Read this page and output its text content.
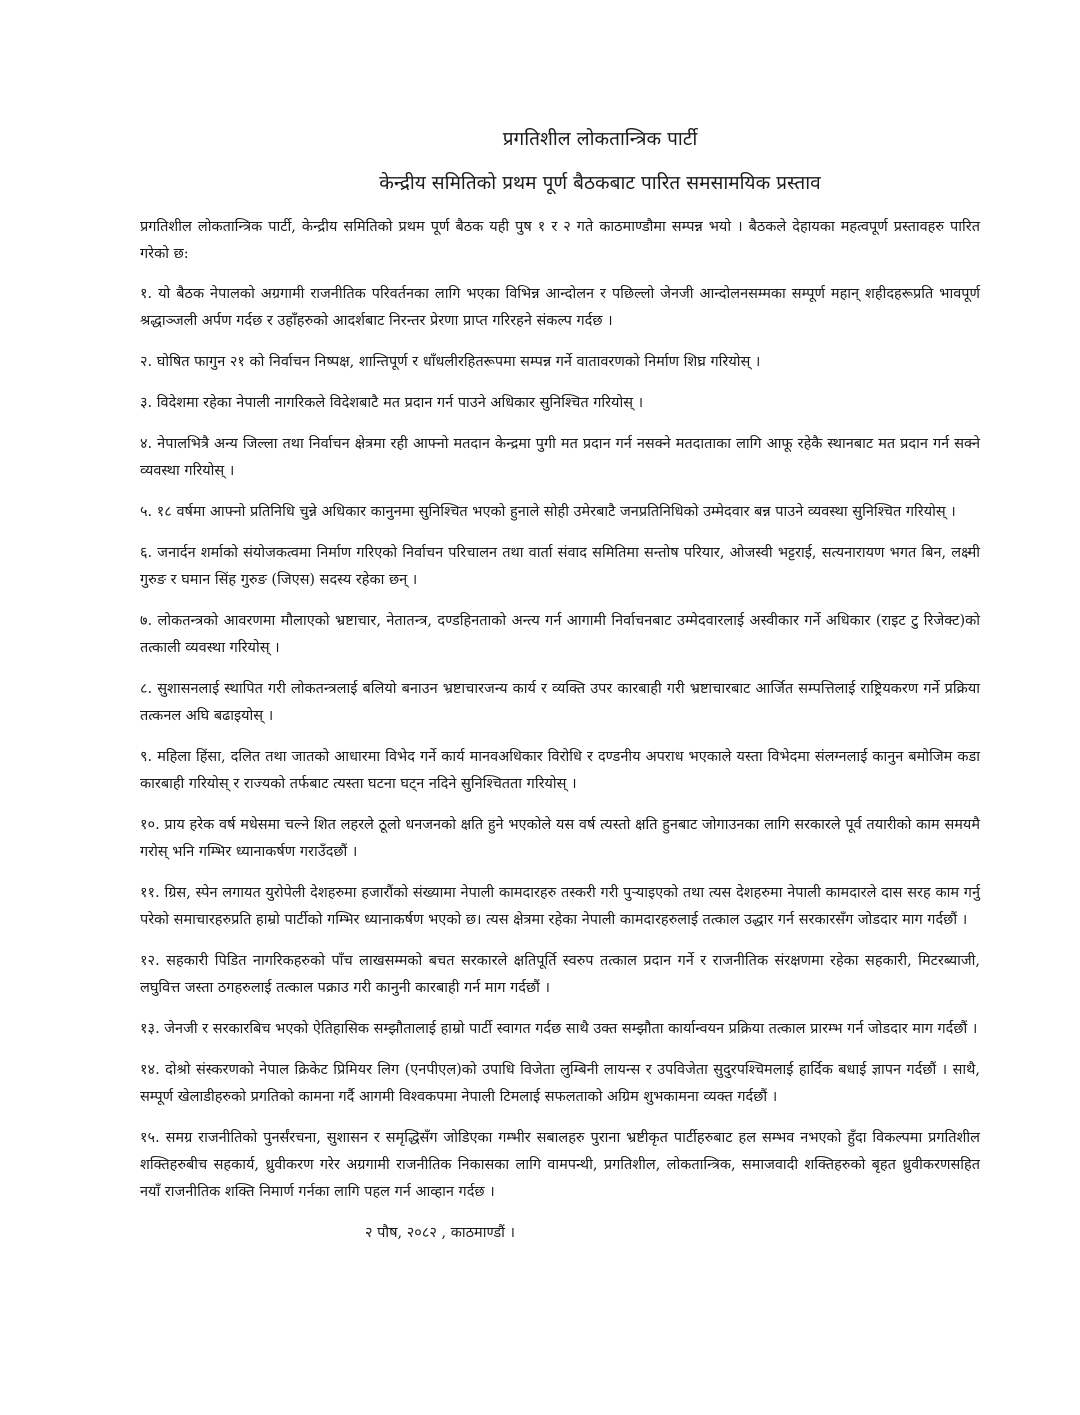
प्रगतिशील लोकतान्त्रिक पार्टी
केन्द्रीय समितिको प्रथम पूर्ण बैठकबाट पारित समसामयिक प्रस्ताव

प्रगतिशील लोकतान्त्रिक पार्टी, केन्द्रीय समितिको प्रथम पूर्ण बैठक यही पुष १ र २ गते काठमाण्डौमा सम्पन्न भयो । बैठकले देहायका महत्वपूर्ण प्रस्तावहरु पारित गरेको छ:

१. यो बैठक नेपालको अग्रगामी राजनीतिक परिवर्तनका लागि भएका विभिन्न आन्दोलन र पछिल्लो जेनजी आन्दोलनसम्मका सम्पूर्ण महान् शहीदहरूप्रति भावपूर्ण श्रद्धाञ्जली अर्पण गर्दछ र उहाँहरुको आदर्शबाट निरन्तर प्रेरणा प्राप्त गरिरहने संकल्प गर्दछ ।

२. घोषित फागुन २१ को निर्वाचन निष्पक्ष, शान्तिपूर्ण र धाँधलीरहितरूपमा सम्पन्न गर्ने वातावरणको निर्माण शिघ्र गरियोस् ।

३. विदेशमा रहेका नेपाली नागरिकले विदेशबाटै मत प्रदान गर्न पाउने अधिकार सुनिश्चित गरियोस् ।

४. नेपालभित्रै अन्य जिल्ला तथा निर्वाचन क्षेत्रमा रही आफ्नो मतदान केन्द्रमा पुगी मत प्रदान गर्न नसक्ने मतदाताका लागि आफू रहेकै स्थानबाट मत प्रदान गर्न सक्ने व्यवस्था गरियोस् ।

५. १८ वर्षमा आफ्नो प्रतिनिधि चुन्ने अधिकार कानुनमा सुनिश्चित भएको हुनाले सोही उमेरबाटै जनप्रतिनिधिको उम्मेदवार बन्न पाउने व्यवस्था सुनिश्चित गरियोस् ।

६. जनार्दन शर्माको संयोजकत्वमा निर्माण गरिएको निर्वाचन परिचालन तथा वार्ता संवाद समितिमा सन्तोष परियार, ओजस्वी भट्टराई, सत्यनारायण भगत बिन, लक्ष्मी गुरुङ र घमान सिंह गुरुङ (जिएस) सदस्य रहेका छन् ।

७. लोकतन्त्रको आवरणमा मौलाएको भ्रष्टाचार, नेतातन्त्र, दण्डहिनताको अन्त्य गर्न आगामी निर्वाचनबाट उम्मेदवारलाई अस्वीकार गर्ने अधिकार (राइट टु रिजेक्ट)को तत्काली व्यवस्था गरियोस् ।

८. सुशासनलाई स्थापित गरी लोकतन्त्रलाई बलियो बनाउन भ्रष्टाचारजन्य कार्य र व्यक्ति उपर कारबाही गरी भ्रष्टाचारबाट आर्जित सम्पत्तिलाई राष्ट्रियकरण गर्ने प्रक्रिया तत्कनल अघि बढाइयोस् ।

९. महिला हिंसा, दलित तथा जातको आधारमा विभेद गर्ने कार्य मानवअधिकार विरोधि र दण्डनीय अपराध भएकाले यस्ता विभेदमा संलग्नलाई कानुन बमोजिम कडा कारबाही गरियोस् र राज्यको तर्फबाट त्यस्ता घटना घट्न नदिने सुनिश्चितता गरियोस् ।

१०. प्राय हरेक वर्ष मधेसमा चल्ने शित लहरले ठूलो धनजनको क्षति हुने भएकोले यस वर्ष त्यस्तो क्षति हुनबाट जोगाउनका लागि सरकारले पूर्व तयारीको काम समयमै गरोस् भनि गम्भिर ध्यानाकर्षण गराउँदछौं ।

११. ग्रिस, स्पेन लगायत युरोपेली देशहरुमा हजारौंको संख्यामा नेपाली कामदारहरु तस्करी गरी पुऱ्याइएको तथा त्यस देशहरुमा नेपाली कामदारले दास सरह काम गर्नु परेको समाचारहरुप्रति हाम्रो पार्टीको गम्भिर ध्यानाकर्षण भएको छ। त्यस क्षेत्रमा रहेका नेपाली कामदारहरुलाई तत्काल उद्धार गर्न सरकारसँग जोडदार माग गर्दछौं ।

१२. सहकारी पिडित नागरिकहरुको पाँच लाखसम्मको बचत सरकारले क्षतिपूर्ति स्वरुप तत्काल प्रदान गर्ने र राजनीतिक संरक्षणमा रहेका सहकारी, मिटरब्याजी, लघुवित्त जस्ता ठगहरुलाई तत्काल पक्राउ गरी कानुनी कारबाही गर्न माग गर्दछौं ।

१३. जेनजी र सरकारबिच भएको ऐतिहासिक सम्झौतालाई हाम्रो पार्टी स्वागत गर्दछ साथै उक्त सम्झौता कार्यान्वयन प्रक्रिया तत्काल प्रारम्भ गर्न जोडदार माग गर्दछौं ।

१४. दोश्रो संस्करणको नेपाल क्रिकेट प्रिमियर लिग (एनपीएल)को उपाधि विजेता लुम्बिनी लायन्स र उपविजेता सुदुरपश्चिमलाई हार्दिक बधाई ज्ञापन गर्दछौं । साथै, सम्पूर्ण खेलाडीहरुको प्रगतिको कामना गर्दै आगमी विश्वकपमा नेपाली टिमलाई सफलताको अग्रिम शुभकामना व्यक्त गर्दछौं ।

१५. समग्र राजनीतिको पुनर्संरचना, सुशासन र समृद्धिसँग जोडिएका गम्भीर सबालहरु पुराना भ्रष्टीकृत पार्टीहरुबाट हल सम्भव नभएको हुँदा विकल्पमा प्रगतिशील शक्तिहरुबीच सहकार्य, ध्रुवीकरण गरेर अग्रगामी राजनीतिक निकासका लागि वामपन्थी, प्रगतिशील, लोकतान्त्रिक, समाजवादी शक्तिहरुको बृहत ध्रुवीकरणसहित नयाँ राजनीतिक शक्ति निमार्ण गर्नका लागि पहल गर्न आव्हान गर्दछ ।

२ पौष, २०८२ , काठमाण्डौं ।
